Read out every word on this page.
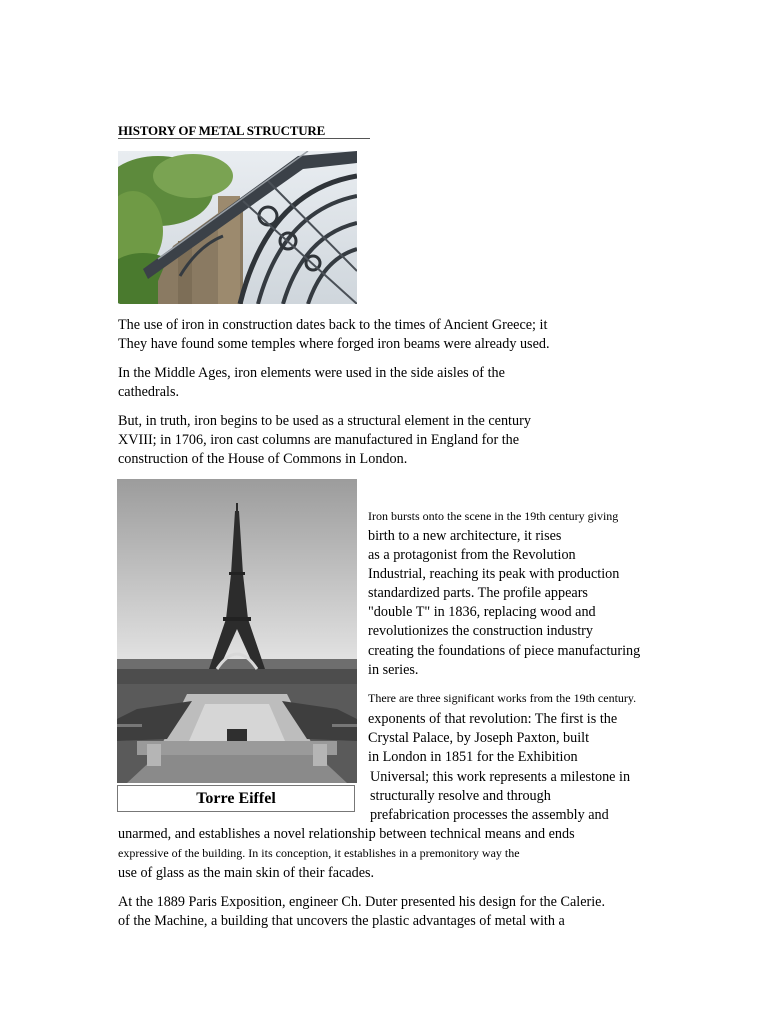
HISTORY OF METAL STRUCTURE
The use of iron in construction dates back to the times of Ancient Greece; it
They have found some temples where forged iron beams were already used.
In the Middle Ages, iron elements were used in the side aisles of the
cathedrals.
But, in truth, iron begins to be used as a structural element in the century
XVIII; in 1706, iron cast columns are manufactured in England for the
construction of the House of Commons in London.
Torre Eiffel
Iron bursts onto the scene in the 19th century giving
birth to a new architecture, it rises
as a protagonist from the Revolution
Industrial, reaching its peak with production
standardized parts. The profile appears
"double T" in 1836, replacing wood and
revolutionizes the construction industry
creating the foundations of piece manufacturing
in series.
There are three significant works from the 19th century.
exponents of that revolution: The first is the
Crystal Palace, by Joseph Paxton, built
in London in 1851 for the Exhibition
Universal; this work represents a milestone in
structurally resolve and through
prefabrication processes the assembly and
unarmed, and establishes a novel relationship between technical means and ends
expressive of the building. In its conception, it establishes in a premonitory way the
use of glass as the main skin of their facades.
At the 1889 Paris Exposition, engineer Ch. Duter presented his design for the Calerie.
of the Machine, a building that uncovers the plastic advantages of metal with a
